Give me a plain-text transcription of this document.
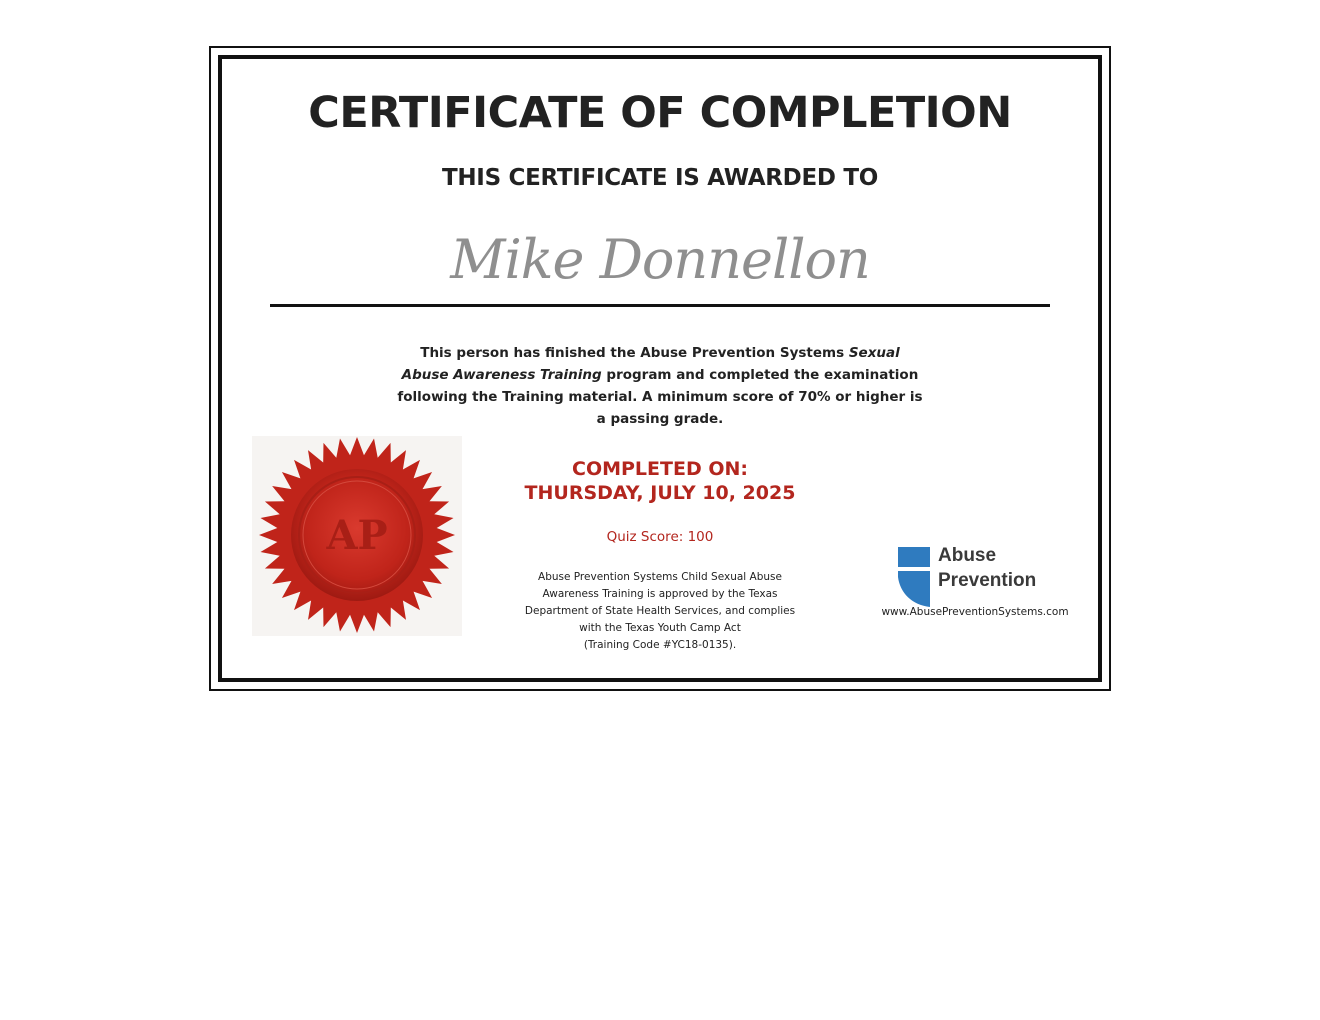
CERTIFICATE OF COMPLETION
THIS CERTIFICATE IS AWARDED TO
Mike Donnellon
This person has finished the Abuse Prevention Systems Sexual Abuse Awareness Training program and completed the examination following the Training material. A minimum score of 70% or higher is a passing grade.
AP
COMPLETED ON:
THURSDAY, JULY 10, 2025
Quiz Score: 100
Abuse Prevention Systems Child Sexual Abuse
Awareness Training is approved by the Texas
Department of State Health Services, and complies
with the Texas Youth Camp Act
(Training Code #YC18-0135).
Abuse
Prevention
www.AbusePreventionSystems.com
